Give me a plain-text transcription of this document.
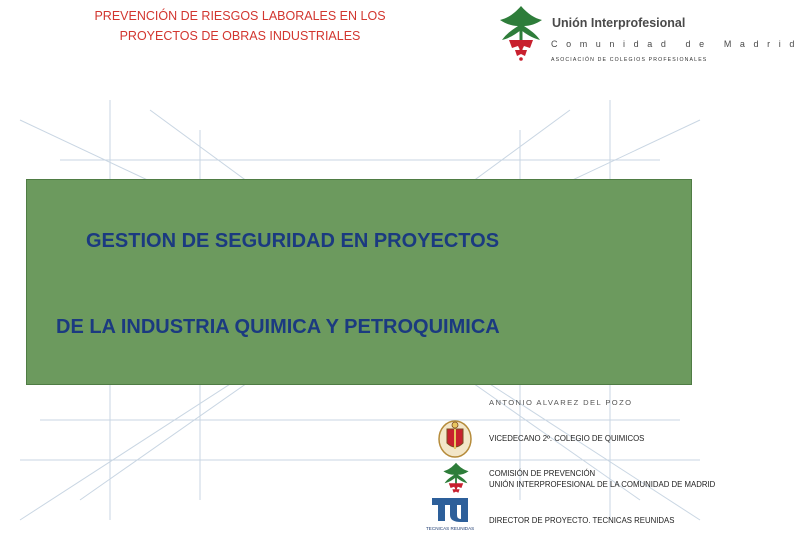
PREVENCIÓN DE RIESGOS LABORALES EN LOS
PROYECTOS DE OBRAS INDUSTRIALES
Unión Interprofesional
Comunidad de Madrid
ASOCIACIÓN DE COLEGIOS PROFESIONALES
GESTION DE SEGURIDAD EN PROYECTOS
DE LA INDUSTRIA QUIMICA Y PETROQUIMICA
ANTONIO ALVAREZ DEL POZO
VICEDECANO 2º. COLEGIO DE QUIMICOS
COMISIÓN DE PREVENCIÓN
UNIÓN INTERPROFESIONAL DE LA COMUNIDAD DE MADRID
TECNICAS REUNIDAS
DIRECTOR DE PROYECTO. TECNICAS REUNIDAS
